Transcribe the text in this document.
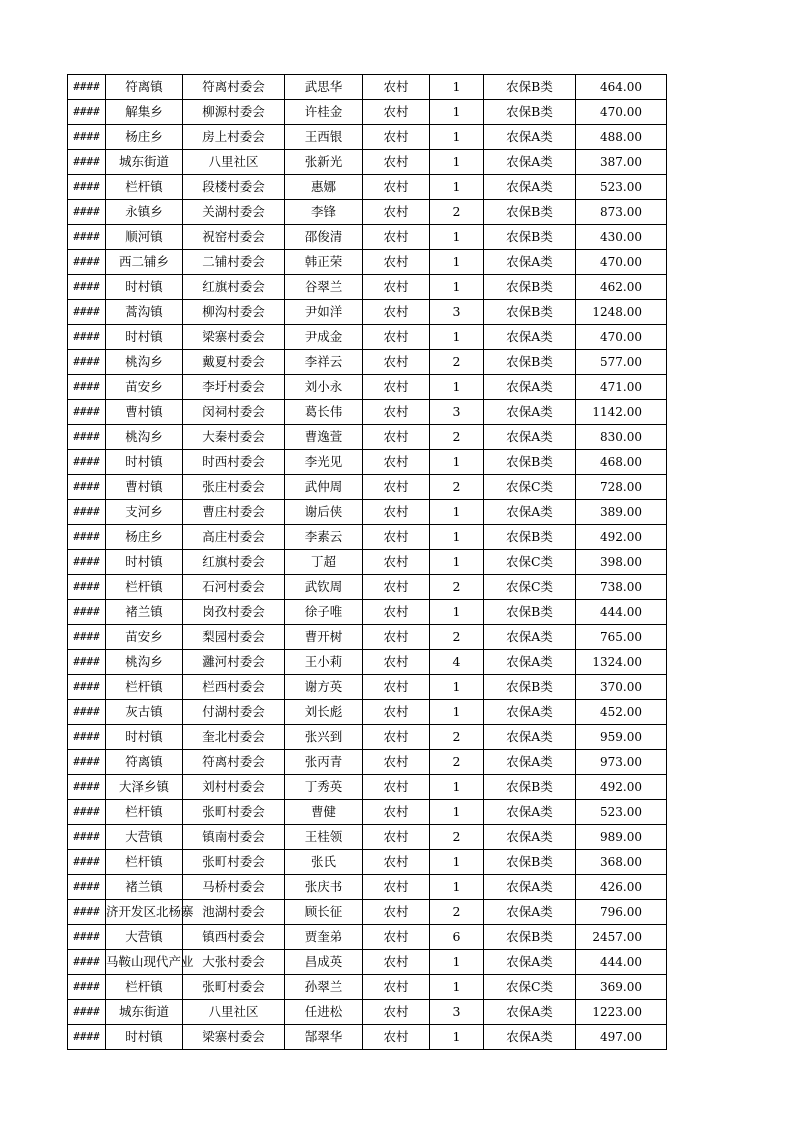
####	符离镇	符离村委会	武思华	农村	1	农保B类	464.00
####	解集乡	柳源村委会	许桂金	农村	1	农保B类	470.00
####	杨庄乡	房上村委会	王西银	农村	1	农保A类	488.00
####	城东街道	八里社区	张新光	农村	1	农保A类	387.00
####	栏杆镇	段楼村委会	惠娜	农村	1	农保A类	523.00
####	永镇乡	关湖村委会	李锋	农村	2	农保B类	873.00
####	顺河镇	祝窑村委会	邵俊清	农村	1	农保B类	430.00
####	西二铺乡	二铺村委会	韩正荣	农村	1	农保A类	470.00
####	时村镇	红旗村委会	谷翠兰	农村	1	农保B类	462.00
####	蒿沟镇	柳沟村委会	尹如洋	农村	3	农保B类	1248.00
####	时村镇	梁寨村委会	尹成金	农村	1	农保A类	470.00
####	桃沟乡	戴夏村委会	李祥云	农村	2	农保B类	577.00
####	苗安乡	李圩村委会	刘小永	农村	1	农保A类	471.00
####	曹村镇	闵祠村委会	葛长伟	农村	3	农保A类	1142.00
####	桃沟乡	大秦村委会	曹逸萱	农村	2	农保A类	830.00
####	时村镇	时西村委会	李光见	农村	1	农保B类	468.00
####	曹村镇	张庄村委会	武仲周	农村	2	农保C类	728.00
####	支河乡	曹庄村委会	谢后侠	农村	1	农保A类	389.00
####	杨庄乡	高庄村委会	李素云	农村	1	农保B类	492.00
####	时村镇	红旗村委会	丁超	农村	1	农保C类	398.00
####	栏杆镇	石河村委会	武钦周	农村	2	农保C类	738.00
####	褚兰镇	岗孜村委会	徐子唯	农村	1	农保B类	444.00
####	苗安乡	梨园村委会	曹开树	农村	2	农保A类	765.00
####	桃沟乡	灉河村委会	王小莉	农村	4	农保A类	1324.00
####	栏杆镇	栏西村委会	谢方英	农村	1	农保B类	370.00
####	灰古镇	付湖村委会	刘长彪	农村	1	农保A类	452.00
####	时村镇	奎北村委会	张兴到	农村	2	农保A类	959.00
####	符离镇	符离村委会	张丙青	农村	2	农保A类	973.00
####	大泽乡镇	刘村村委会	丁秀英	农村	1	农保B类	492.00
####	栏杆镇	张町村委会	曹健	农村	1	农保A类	523.00
####	大营镇	镇南村委会	王桂领	农村	2	农保A类	989.00
####	栏杆镇	张町村委会	张氏	农村	1	农保B类	368.00
####	褚兰镇	马桥村委会	张庆书	农村	1	农保A类	426.00
####	济开发区北杨寨	池湖村委会	顾长征	农村	2	农保A类	796.00
####	大营镇	镇西村委会	贾奎弟	农村	6	农保B类	2457.00
####	马鞍山现代产业	大张村委会	昌成英	农村	1	农保A类	444.00
####	栏杆镇	张町村委会	孙翠兰	农村	1	农保C类	369.00
####	城东街道	八里社区	任进松	农村	3	农保A类	1223.00
####	时村镇	梁寨村委会	郜翠华	农村	1	农保A类	497.00
